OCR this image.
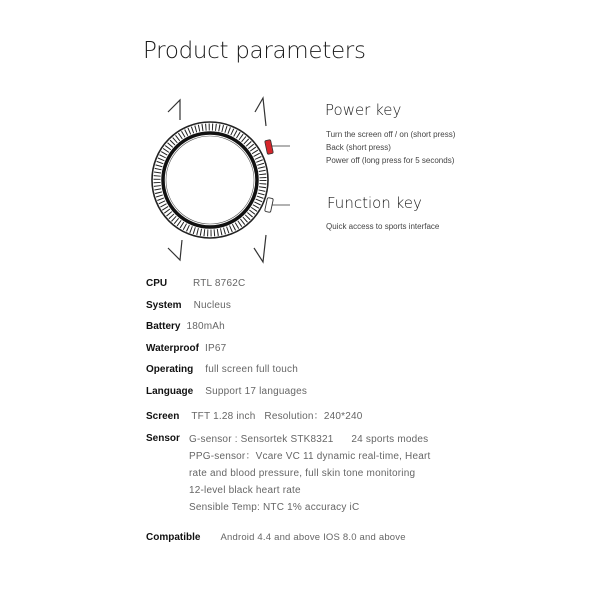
Product parameters
Power key
Turn the screen off / on (short press)
Back (short press)
Power off (long press for 5 seconds)
Function key
Quick access to sports interface
CPU	RTL 8762C
System Nucleus
Battery 180mAh
Waterproof IP67
Operating full screen full touch
Language Support 17 languages
Screen TFT 1.28 inch   Resolution：240*240
Sensor G-sensor : Sensortek STK8321      24 sports modes
PPG-sensor：Vcare VC 11 dynamic real-time, Heart
rate and blood pressure, full skin tone monitoring
12-level black heart rate
Sensible Temp: NTC 1% accuracy iC
Compatible Android 4.4 and above IOS 8.0 and above
